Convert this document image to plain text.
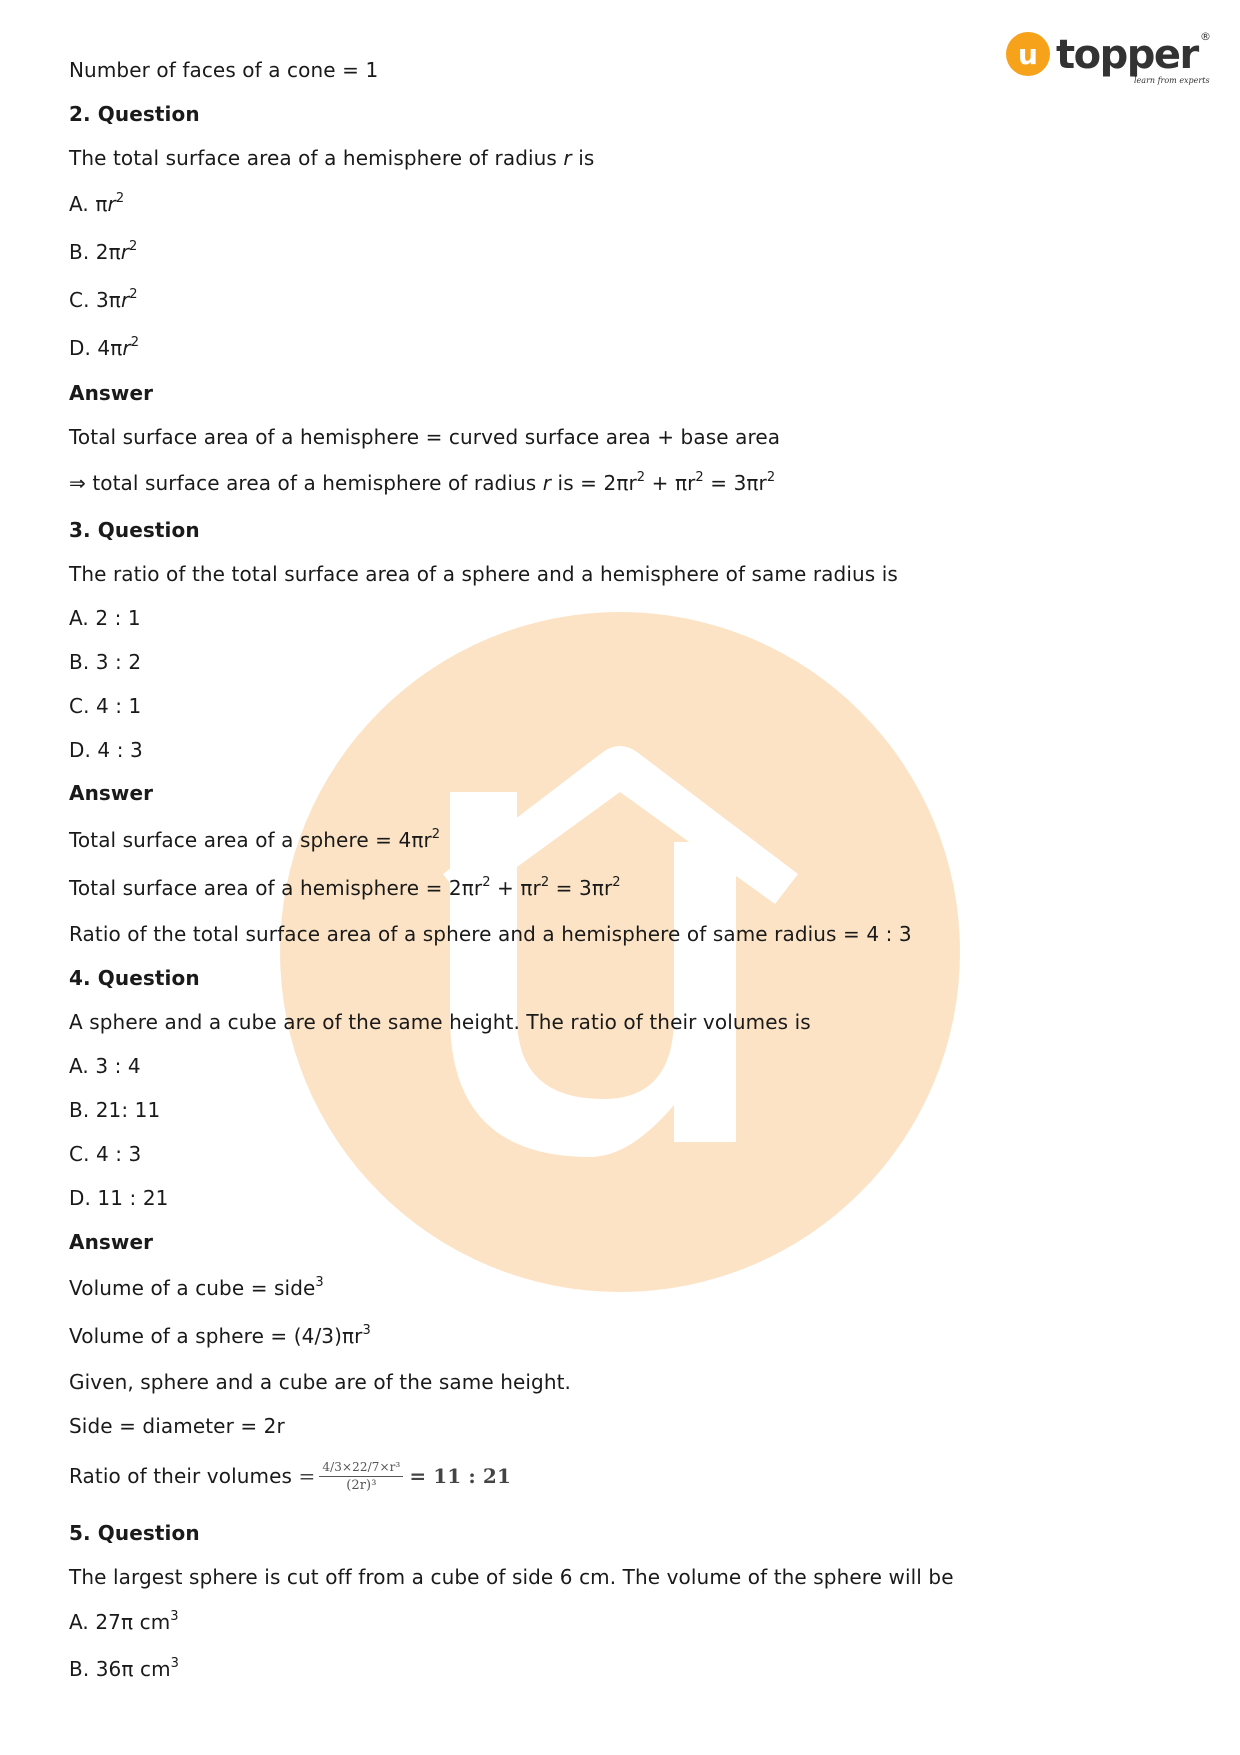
u topper ®
learn from experts
Number of faces of a cone = 1
2. Question
The total surface area of a hemisphere of radius r is
A. $\pi r^2$
B. $2\pi r^2$
C. $3\pi r^2$
D. $4\pi r^2$
Answer
Total surface area of a hemisphere = curved surface area + base area
⇒ total surface area of a hemisphere of radius r is = $2\pi r^2 + \pi r^2 = 3\pi r^2$
3. Question
The ratio of the total surface area of a sphere and a hemisphere of same radius is
A. 2 : 1
B. 3 : 2
C. 4 : 1
D. 4 : 3
Answer
Total surface area of a sphere = $4\pi r^2$
Total surface area of a hemisphere = $2\pi r^2 + \pi r^2 = 3\pi r^2$
Ratio of the total surface area of a sphere and a hemisphere of same radius = 4 : 3
4. Question
A sphere and a cube are of the same height. The ratio of their volumes is
A. 3 : 4
B. 21: 11
C. 4 : 3
D. 11 : 21
Answer
Volume of a cube = side$^3$
Volume of a sphere = $(4/3)\pi r^3$
Given, sphere and a cube are of the same height.
Side = diameter = 2r
Ratio of their volumes = $\frac{\text{4/3×22/7×r³}}{\text{(2r)³}} = 11$ : 21
5. Question
The largest sphere is cut off from a cube of side 6 cm. The volume of the sphere will be
A. 27π $cm^3$
B. 36π $cm^3$
